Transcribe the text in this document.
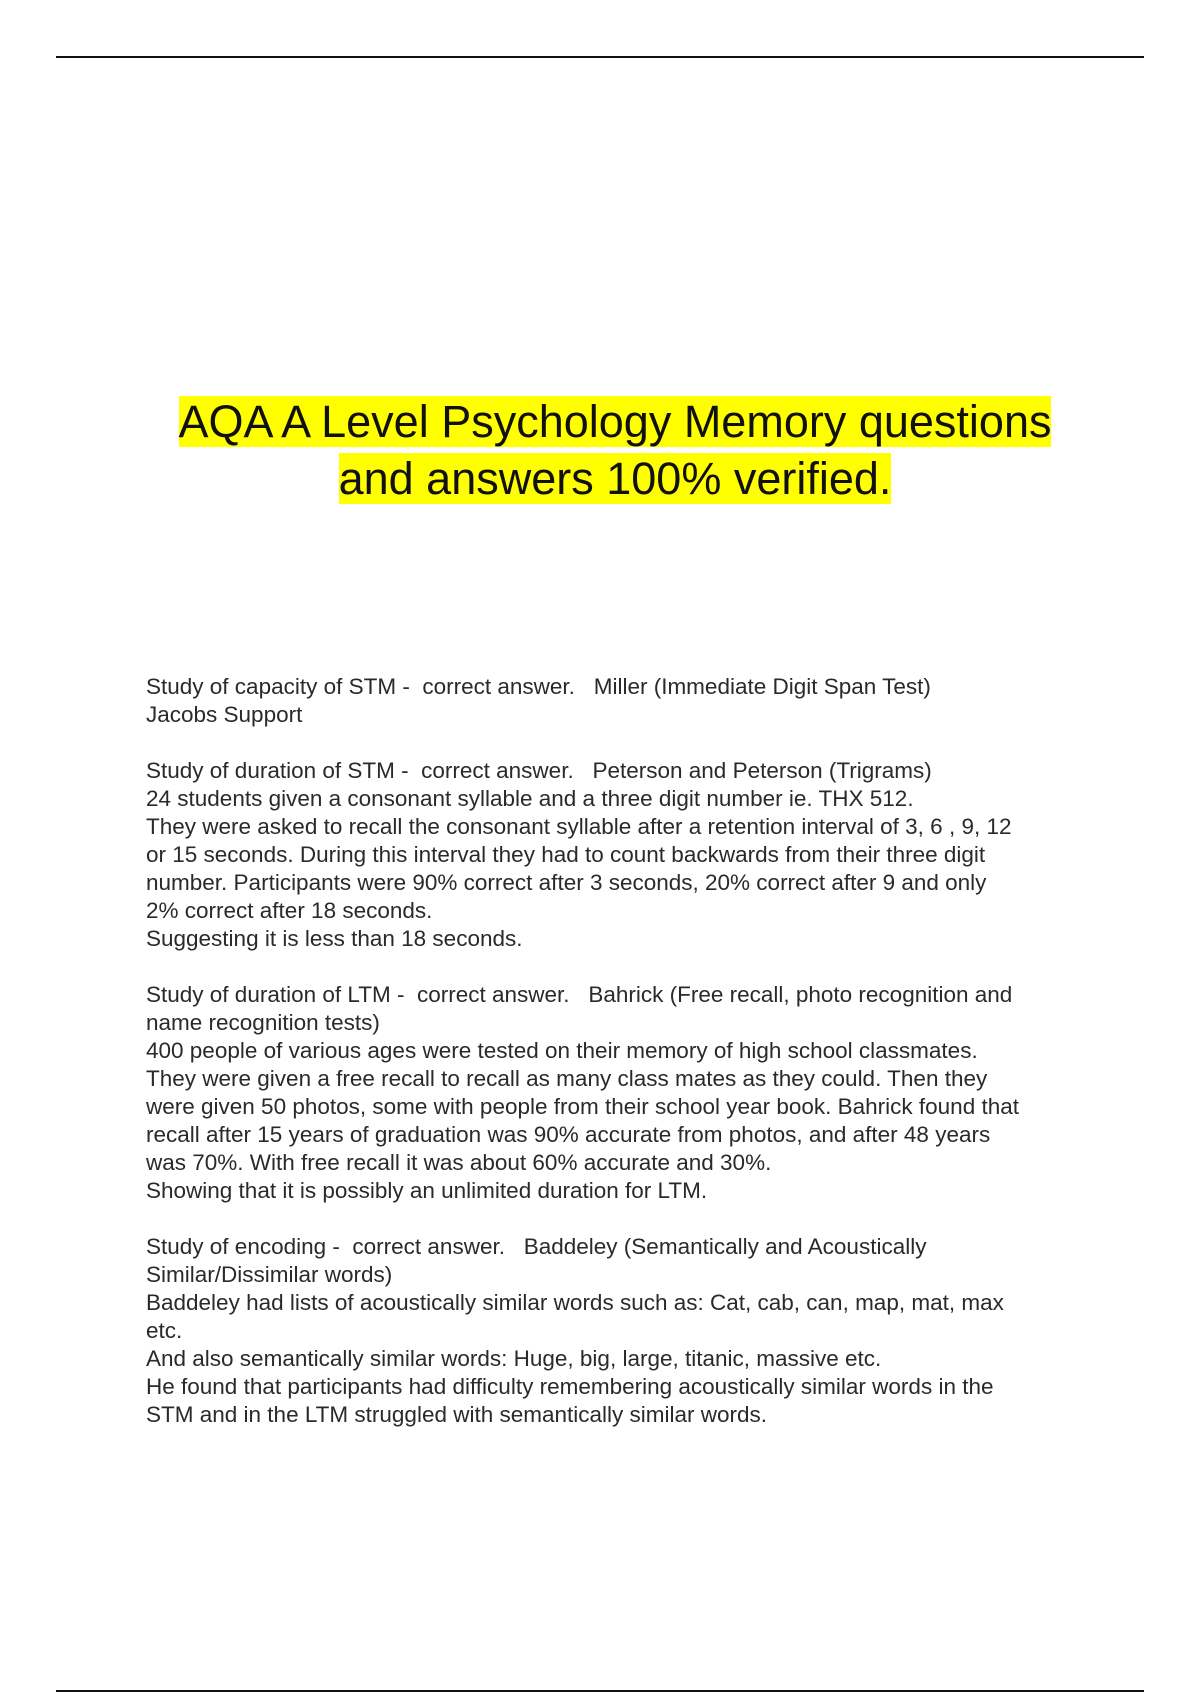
AQA A Level Psychology Memory questions
and answers 100% verified.
Study of capacity of STM - correct answer. Miller (Immediate Digit Span Test)
Jacobs Support
Study of duration of STM - correct answer. Peterson and Peterson (Trigrams)
24 students given a consonant syllable and a three digit number ie. THX 512.
They were asked to recall the consonant syllable after a retention interval of 3, 6 , 9, 12
or 15 seconds. During this interval they had to count backwards from their three digit
number. Participants were 90% correct after 3 seconds, 20% correct after 9 and only
2% correct after 18 seconds.
Suggesting it is less than 18 seconds.
Study of duration of LTM - correct answer. Bahrick (Free recall, photo recognition and
name recognition tests)
400 people of various ages were tested on their memory of high school classmates.
They were given a free recall to recall as many class mates as they could. Then they
were given 50 photos, some with people from their school year book. Bahrick found that
recall after 15 years of graduation was 90% accurate from photos, and after 48 years
was 70%. With free recall it was about 60% accurate and 30%.
Showing that it is possibly an unlimited duration for LTM.
Study of encoding - correct answer. Baddeley (Semantically and Acoustically
Similar/Dissimilar words)
Baddeley had lists of acoustically similar words such as: Cat, cab, can, map, mat, max
etc.
And also semantically similar words: Huge, big, large, titanic, massive etc.
He found that participants had difficulty remembering acoustically similar words in the
STM and in the LTM struggled with semantically similar words.
